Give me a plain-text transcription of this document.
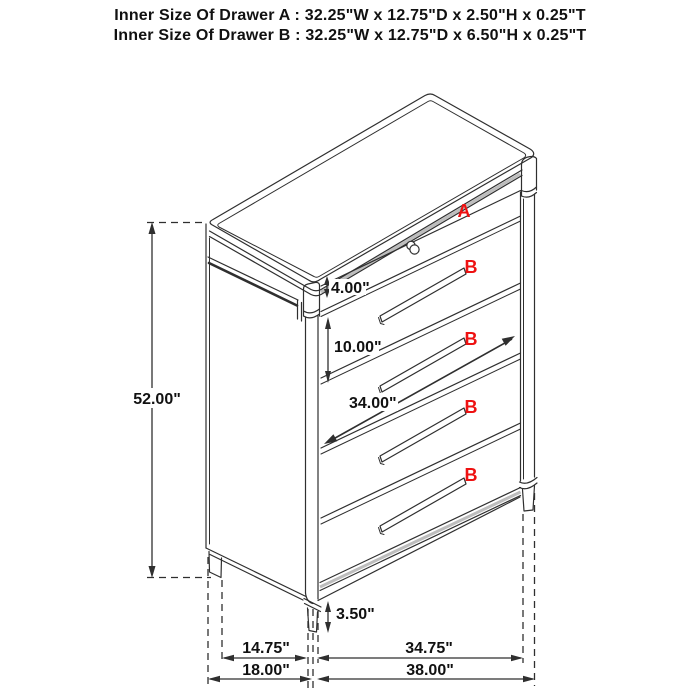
Inner Size Of Drawer A : 32.25"W x 12.75"D x 2.50"H x 0.25"T
Inner Size Of Drawer B : 32.25"W x 12.75"D x 6.50"H x 0.25"T
A
B
B
B
B
52.00"
4.00"
10.00"
34.00"
3.50"
14.75"	34.75"
18.00"	38.00"
